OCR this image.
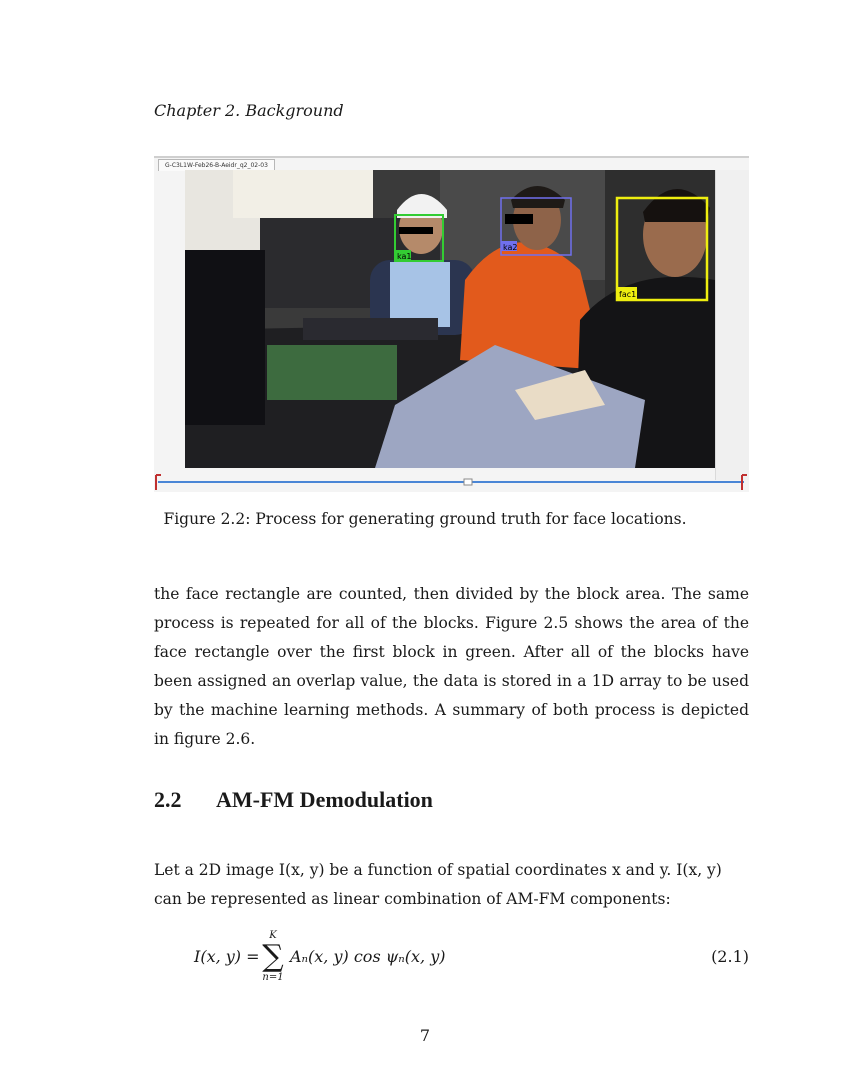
Chapter 2. Background
G-C3L1W-Feb26-B-Aeidr_q2_02-03
ka1
ka2
fac1
Figure 2.2: Process for generating ground truth for face locations.
the face rectangle are counted, then divided by the block area. The same process is repeated for all of the blocks. Figure 2.5 shows the area of the face rectangle over the first block in green. After all of the blocks have been assigned an overlap value, the data is stored in a 1D array to be used by the machine learning methods. A summary of both process is depicted in figure 2.6.
2.2 AM-FM Demodulation
Let a 2D image I(x, y) be a function of spatial coordinates x and y. I(x, y) can be represented as linear combination of AM-FM components:
I(x, y) =
K
∑
n=1
Aₙ(x, y) cos ψₙ(x, y)	(2.1)
7
